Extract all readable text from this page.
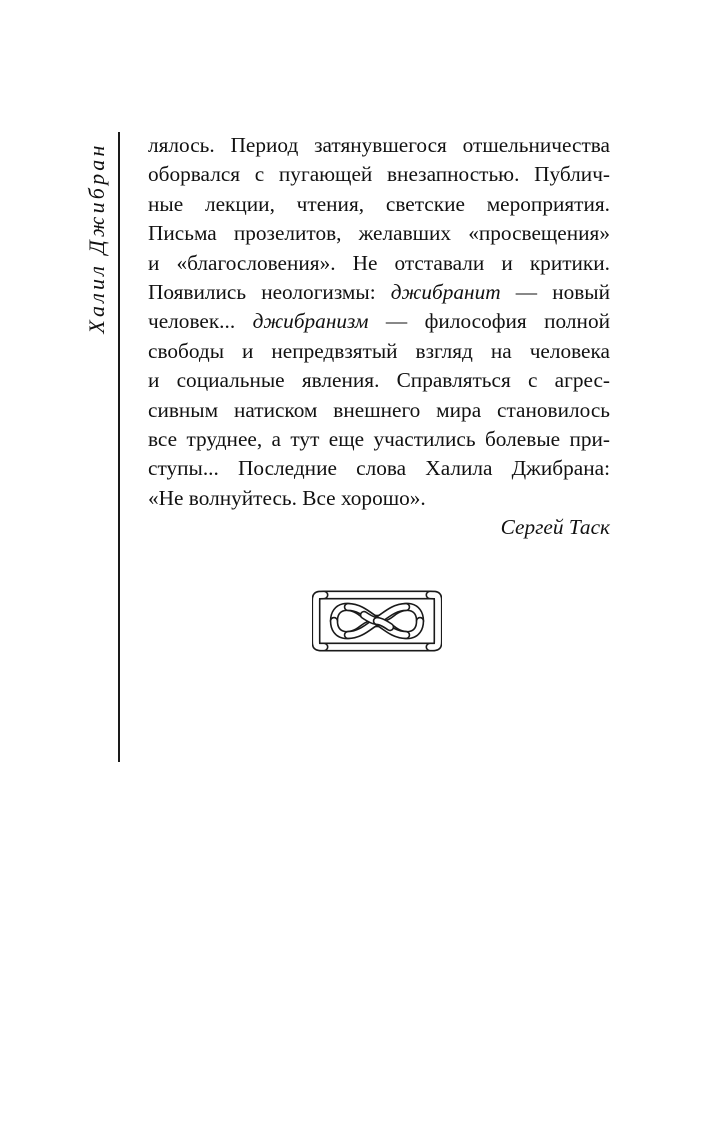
Халил Джибран лялось. Период затянувшегося отшельничества
оборвался с пугающей внезапностью. Публич-
ные лекции, чтения, светские мероприятия.
Письма прозелитов, желавших «просвещения»
и «благословения». Не отставали и критики.
Появились неологизмы: джибранит — новый
человек... джибранизм — философия полной
свободы и непредвзятый взгляд на человека
и социальные явления. Справляться с агрес-
сивным натиском внешнего мира становилось
все труднее, а тут еще участились болевые при-
ступы... Последние слова Халила Джибрана:
«Не волнуйтесь. Все хорошо».
Сергей Таск
